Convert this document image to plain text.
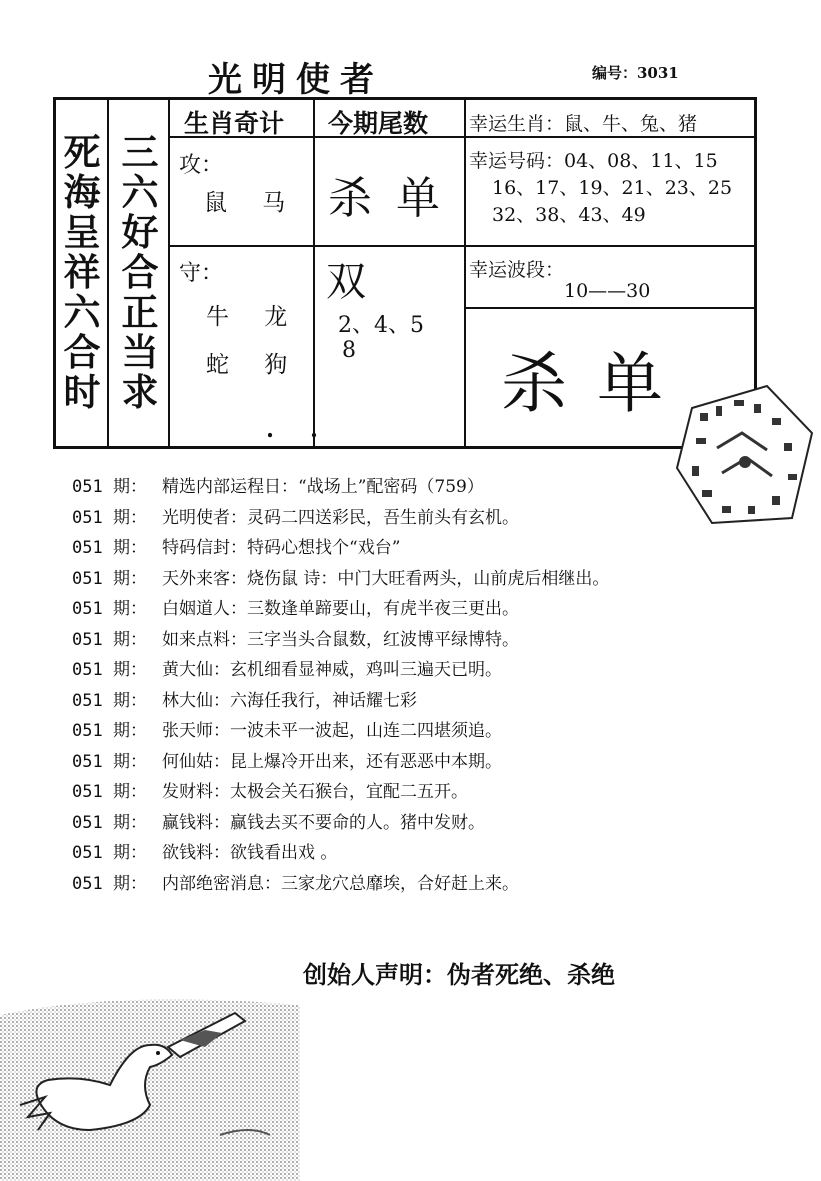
光明使者	编号：3031
死海呈祥六合时
三六好合正当求
生肖奇计 今期尾数
攻：
鼠 马
守：
牛 龙
蛇 狗
. .
杀单
双
2、4、5
8
幸运生肖：鼠、牛、兔、猪
幸运号码：04、08、11、15
16、17、19、21、23、25
32、38、43、49
幸运波段：
10——30
杀单
051 期： 精选内部运程日：“战场上”配密码（759）
051 期： 光明使者：灵码二四送彩民，吾生前头有玄机。
051 期： 特码信封：特码心想找个“戏台”
051 期： 天外来客：烧伤鼠 诗：中门大旺看两头，山前虎后相继出。
051 期： 白姻道人：三数逢单蹄要山，有虎半夜三更出。
051 期： 如来点料：三字当头合鼠数，红波博平绿博特。
051 期： 黄大仙：玄机细看显神威，鸡叫三遍天已明。
051 期： 林大仙：六海任我行，神话耀七彩
051 期： 张天师：一波未平一波起，山连二四堪须追。
051 期： 何仙姑：昆上爆冷开出来，还有恶恶中本期。
051 期： 发财料：太极会关石猴台，宜配二五开。
051 期： 赢钱料：赢钱去买不要命的人。猪中发财。
051 期： 欲钱料：欲钱看出戏 。
051 期： 内部绝密消息：三家龙穴总靡埃，合好赶上来。
创始人声明：伪者死绝、杀绝
